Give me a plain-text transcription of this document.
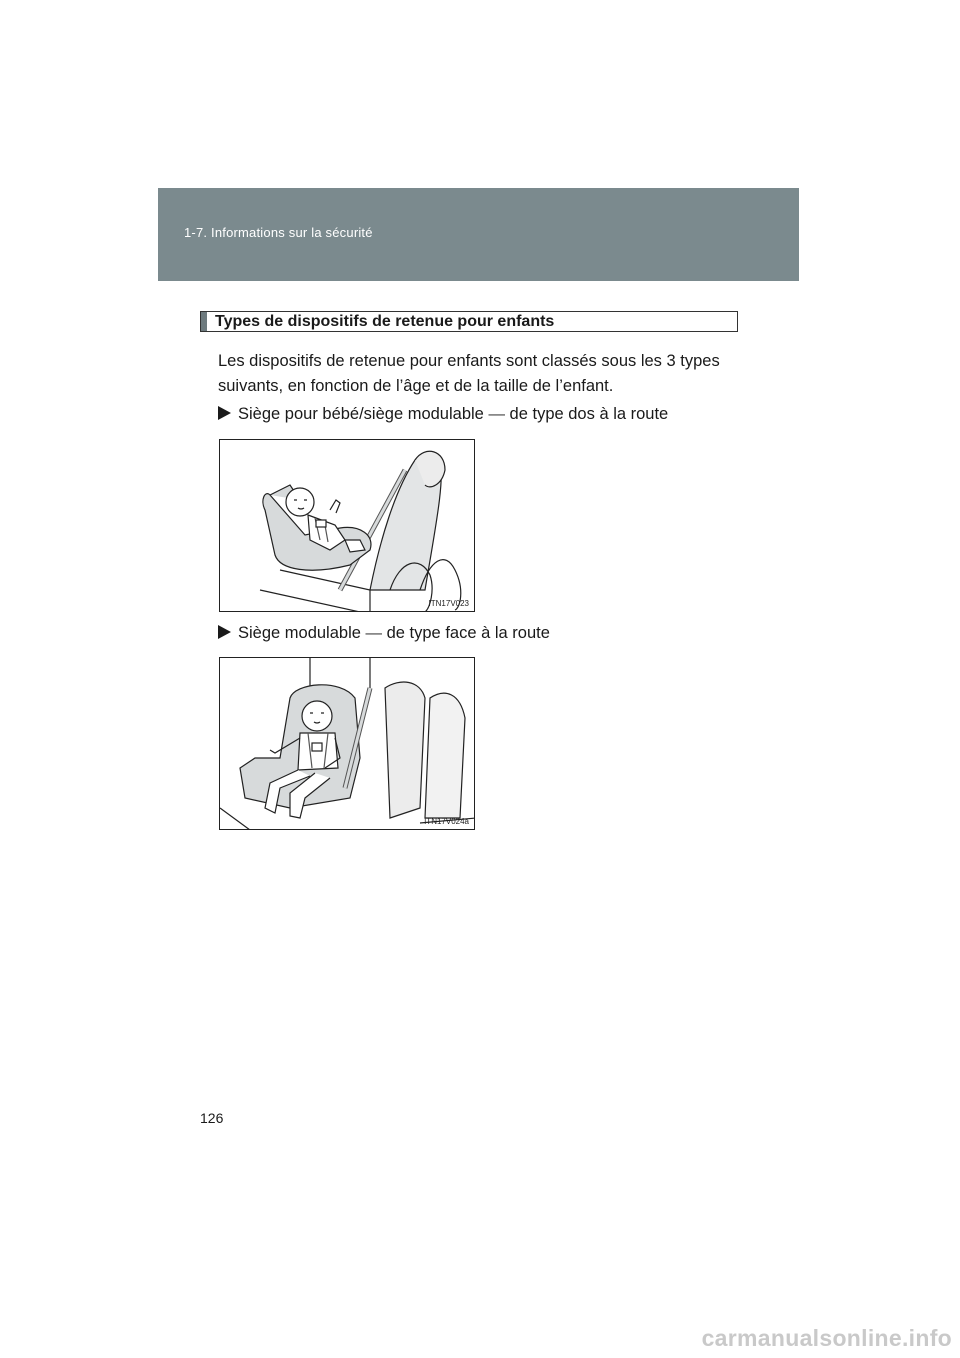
1-7. Informations sur la sécurité
Types de dispositifs de retenue pour enfants
Les dispositifs de retenue pour enfants sont classés sous les 3 types suivants, en fonction de l’âge et de la taille de l’enfant.
Siège pour bébé/siège modulable — de type dos à la route
ITN17V023
Siège modulable — de type face à la route
ITN17V024a
126
carmanualsonline.info
